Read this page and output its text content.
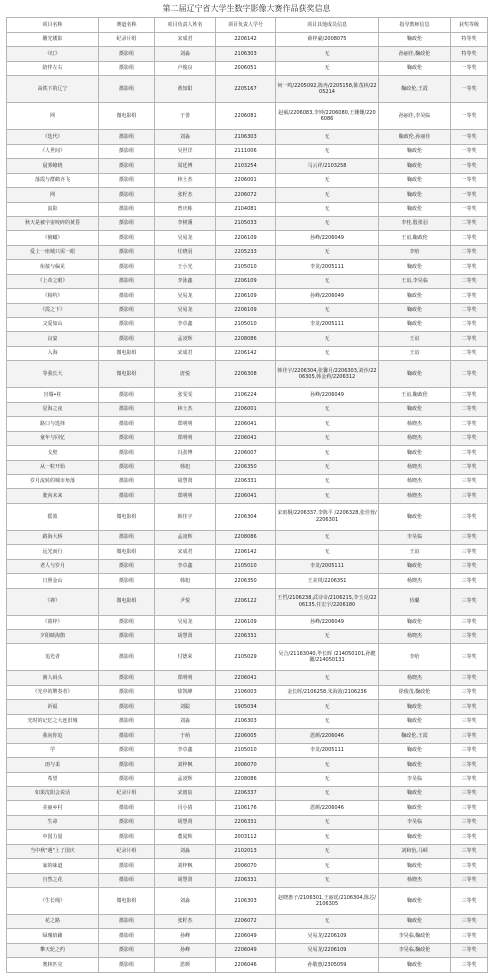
第二届辽宁省大学生数字影像大赛作品获奖信息
项目名称	赛道名称	项目负责人姓名	项目负责人学号	项目其他成员信息	指导教师信息	获奖等级
雕光镂影	纪录片组	宋成君	2206142	薛梓豪/2008075	鞠政伦	特等奖
《红》	摄影组	刘淼	2106303	无	孙丽佳,鞠政伦	特等奖
陪伴左右	摄影组	卢俊良	2006051	无	鞠政伦	一等奖
高铁下的辽宁	摄影组	黄知阳	2205167	何一鸣/2205092,陈冉/2205158,陈茂林/2205214	鞠政伦,王霞	一等奖
网	微电影组	于善	2206081	赵硕/2206083,李钟/2206080,王姗姗/2206086	孙丽佳,李昊临	一等奖
《迭代》	摄影组	刘淼	2106303	无	鞠政伦,孙丽佳	一等奖
《人世间》	摄影组	吴世洋	2111006	无	鞠政伦	一等奖
晨雾缭绕	摄影组	周廷博	2103254	马云祥/2103258	鞠政伦	一等奖
落霞与群鹤齐飞	摄影组	林士杰	2206001	无	鞠政伦	一等奖
网	摄影组	张籽杰	2206072	无	鞠政伦	一等奖
浪影	摄影组	曾庆栋	2104081	无	鞠政伦	一等奖
秋天是被宇宙咬碎的黄昏	摄影组	李树溪	2105033	无	李桂,殷墨羽	二等奖
《俯瞰》	摄影组	吴易龙	2206109	孙峰/2206049	王谊,鞠政伦	二等奖
爱上一座城只需一眼	摄影组	任晓羽	2205233	无	李哈	二等奖
衔接与偏见	摄影组	王小光	2105010	李龙/2005111	鞠政伦	二等奖
《上帝之眼》	摄影组	李泳鑫	2206109	无	王谊,李昊临	二等奖
《相约》	摄影组	吴易龙	2206109	孙峰/2206049	鞠政伦	二等奖
《霞之下》	摄影组	吴易龙	2206109	无	鞠政伦	二等奖
父爱如山	摄影组	李卓鑫	2105010	李龙/2005111	鞠政伦	二等奖
良宴	摄影组	孟凌辉	2208086	无	王谊	二等奖
入海	微电影组	宋成君	2206142	无	王谊	二等奖
等我长大	微电影组	唐悦	2206308	韩佳宇/2206304,张馨月/2206303,刘沙/2206305,韩金莉/2206312	鞠政伦	二等奖
宫墙•柱	摄影组	张雯雯	2106224	孙峰/2206049	王谊,鞠政伦	二等奖
星海之夜	摄影组	林士杰	2206001	无	鞠政伦	二等奖
路口与选择	摄影组	郑明明	2206041	无	杨晓杰	二等奖
童年与回忆	摄影组	郑明明	2206041	无	杨晓杰	二等奖
戈壁	摄影组	冯劲博	2206007	无	鞠政伦	二等奖
从一粒开始	摄影组	韩旭	2206350	无	杨晓杰	二等奖
岁月流转的城市角落	摄影组	胡慧贤	2206331	无	杨晓杰	三等奖
驶向未来	摄影组	郑明明	2206041	无	杨晓杰	三等奖
摇篮	微电影组	韩佳宇	2206304	宋雨桐/2206337,李陈平 /2206328,张佳蓉/2206301	鞠政伦	三等奖
路海大桥	摄影组	孟凌辉	2208086	无	李昊临	三等奖
远光而行	微电影组	宋成君	2206142	无	王谊	三等奖
老人与岁月	摄影组	李卓鑫	2105010	李龙/2005111	鞠政伦	三等奖
日照金山	摄影组	韩旭	2206350	王美琪/2206351	杨晓杰	三等奖
《禅》	微电影组	尹悦	2206122	王哲/2106238,武诗奇/2106215,李玉亮/2206135,任宏宇/2206180	侍璐	三等奖
《暮梓》	摄影组	吴易龙	2206109	孙峰/2206049	鞠政伦	三等奖
夕阳映海鹊	摄影组	胡慧贤	2206331	无	杨晓杰	三等奖
追光者	摄影组	付德荣	2105029	吴合/21163040,毕长晖 /214050101,孙健馨/214050131	李哈	三等奖
渔人码头	摄影组	郑明明	2206041	无	杨晓杰	三等奖
《光中的牌奏者》	摄影组	徐凯峰	2106003	金长晖/2106258,朱海波/2106236	徐俊茂,鞠政伦	三等奖
祈福	摄影组	刘聪	1905034	无	鞠政伦	三等奖
光时的记忆之大连旧城	摄影组	刘淼	2106303	无	鞠政伦	三等奖
我向你追	摄影组	于萌	2206005	恩颜/2206046	鞠政伦,王霞	三等奖
学	摄影组	李卓鑫	2105010	李龙/2005111	鞠政伦	三等奖
雨与柔	摄影组	刘梓枫	2006070	无	鞠政伦	三等奖
希望	摄影组	孟凌辉	2208086	无	李昊临	三等奖
如果沈阳会说话	纪录片组	宋雨宸	2206337	无	鞠政伦	三等奖
美丽乡村	摄影组	闫小倩	2106176	恩颜/2206046	鞠政伦	三等奖
生命	摄影组	胡慧贤	2206331	无	李昊临	三等奖
中国力量	摄影组	董晁辉	2003112	无	鞠政伦	三等奖
当中秋"遇"上了国庆	纪录片组	刘淼	2102013	无	刘和怡,马顿	三等奖
家的味道	摄影组	刘梓枫	2006070	无	鞠政伦	三等奖
自然之花	摄影组	胡慧贤	2206331	无	杨晓杰	三等奖
《生长绳》	微电影组	刘淼	2106303	赵晓惠子/2106301,王丽瑶/2106304,陈芯/2106305	鞠政伦	三等奖
花之路	摄影组	张籽杰	2206072	无	鞠政伦	三等奖
绿瑰焰籁	摄影组	孙峰	2206049	吴易龙/2206109	李昊临,鞠政伦	三等奖
攀天轮之约	摄影组	孙峰	2206049	吴易龙/2206109	李昊临,鞠政伦	三等奖
奥林匹克	摄影组	恩颜	2206046	孙敬惠/2305059	鞠政伦	三等奖
